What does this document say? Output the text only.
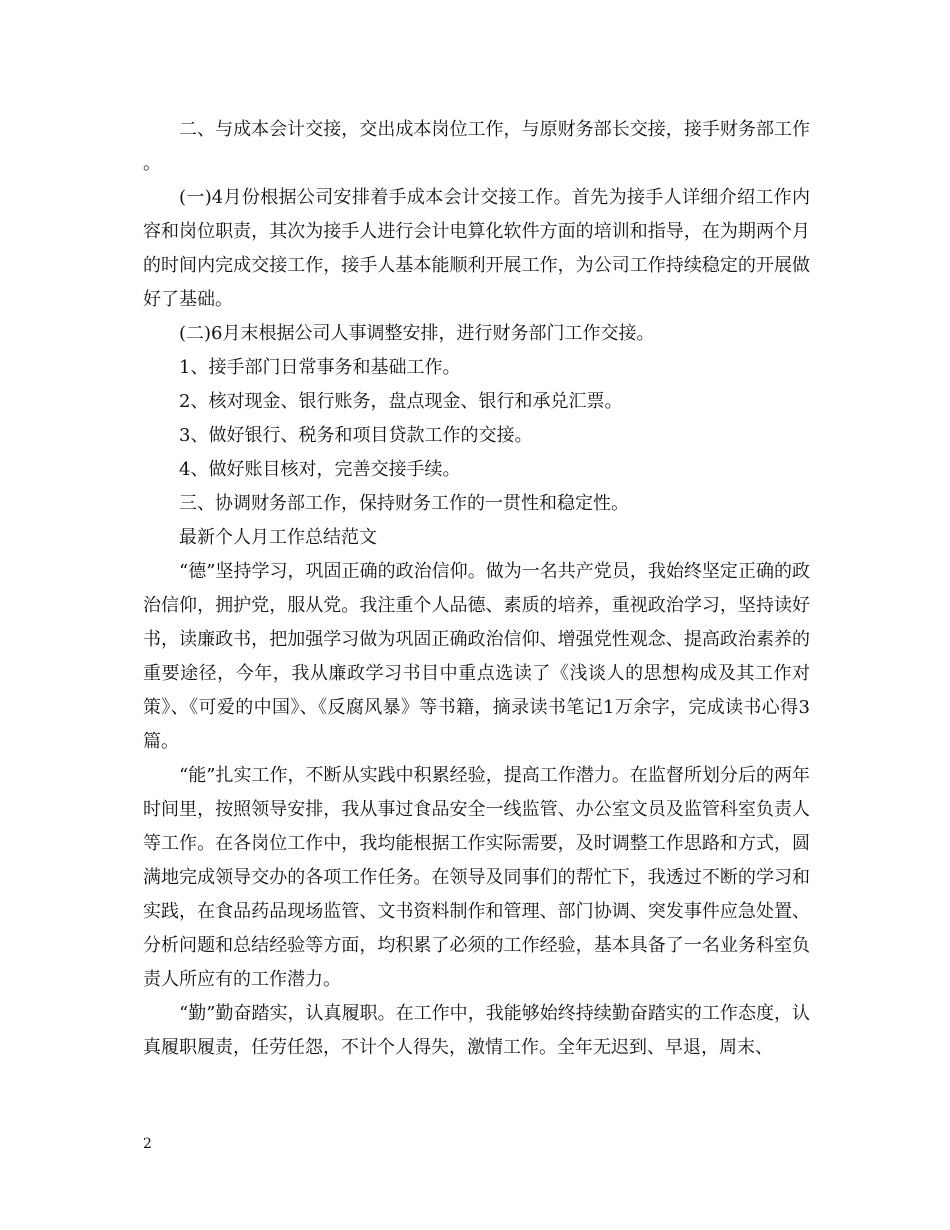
二、与成本会计交接，交出成本岗位工作，与原财务部长交接，接手财务部工作 。

(一)4月份根据公司安排着手成本会计交接工作。首先为接手人详细介绍工作内容和岗位职责，其次为接手人进行会计电算化软件方面的培训和指导，在为期两个月的时间内完成交接工作，接手人基本能顺利开展工作，为公司工作持续稳定的开展做好了基础。

(二)6月末根据公司人事调整安排，进行财务部门工作交接。

1、接手部门日常事务和基础工作。

2、核对现金、银行账务，盘点现金、银行和承兑汇票。

3、做好银行、税务和项目贷款工作的交接。

4、做好账目核对，完善交接手续。

三、协调财务部工作，保持财务工作的一贯性和稳定性。

最新个人月工作总结范文

“德”坚持学习，巩固正确的政治信仰。做为一名共产党员，我始终坚定正确的政治信仰，拥护党，服从党。我注重个人品德、素质的培养，重视政治学习，坚持读好书，读廉政书，把加强学习做为巩固正确政治信仰、增强党性观念、提高政治素养的重要途径，今年，我从廉政学习书目中重点选读了《浅谈人的思想构成及其工作对策》、《可爱的中国》、《反腐风暴》等书籍，摘录读书笔记1万余字，完成读书心得3篇。

“能”扎实工作，不断从实践中积累经验，提高工作潜力。在监督所划分后的两年时间里，按照领导安排，我从事过食品安全一线监管、办公室文员及监管科室负责人等工作。在各岗位工作中，我均能根据工作实际需要，及时调整工作思路和方式，圆满地完成领导交办的各项工作任务。在领导及同事们的帮忙下，我透过不断的学习和实践，在食品药品现场监管、文书资料制作和管理、部门协调、突发事件应急处置、分析问题和总结经验等方面，均积累了必须的工作经验，基本具备了一名业务科室负责人所应有的工作潜力。

“勤”勤奋踏实，认真履职。在工作中，我能够始终持续勤奋踏实的工作态度，认真履职履责，任劳任怨，不计个人得失，激情工作。全年无迟到、早退，周末、

2
